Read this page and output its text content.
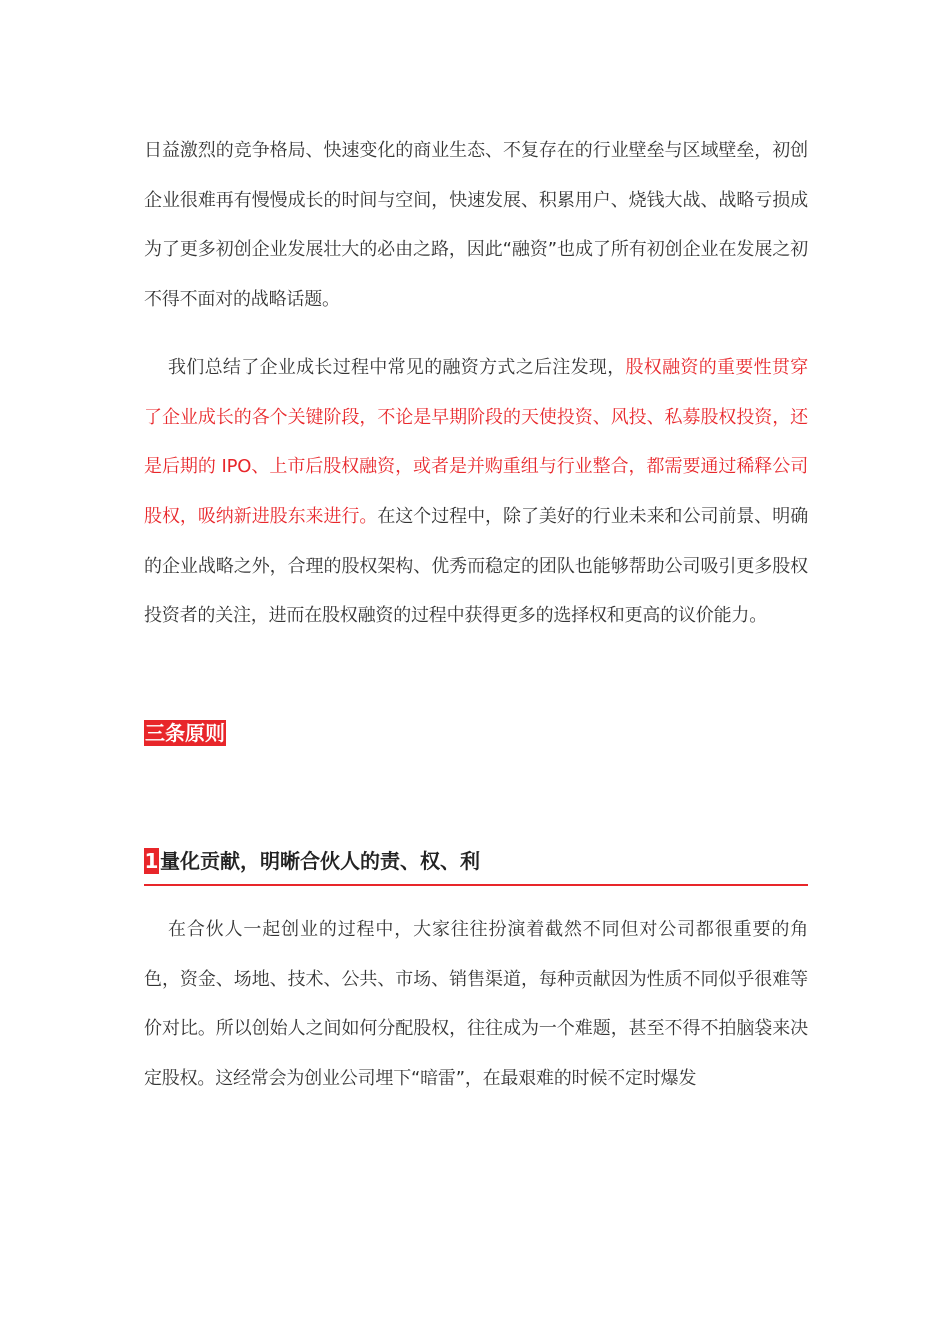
日益激烈的竞争格局、快速变化的商业生态、不复存在的行业壁垒与区域壁垒，初创企业很难再有慢慢成长的时间与空间，快速发展、积累用户、烧钱大战、战略亏损成为了更多初创企业发展壮大的必由之路，因此“融资”也成了所有初创企业在发展之初不得不面对的战略话题。

我们总结了企业成长过程中常见的融资方式之后注发现，股权融资的重要性贯穿了企业成长的各个关键阶段，不论是早期阶段的天使投资、风投、私募股权投资，还是后期的 IPO、上市后股权融资，或者是并购重组与行业整合，都需要通过稀释公司股权，吸纳新进股东来进行。在这个过程中，除了美好的行业未来和公司前景、明确的企业战略之外，合理的股权架构、优秀而稳定的团队也能够帮助公司吸引更多股权投资者的关注，进而在股权融资的过程中获得更多的选择权和更高的议价能力。

三条原则
1 量化贡献，明晰合伙人的责、权、利

在合伙人一起创业的过程中，大家往往扮演着截然不同但对公司都很重要的角色，资金、场地、技术、公共、市场、销售渠道，每种贡献因为性质不同似乎很难等价对比。所以创始人之间如何分配股权，往往成为一个难题，甚至不得不拍脑袋来决定股权。这经常会为创业公司埋下“暗雷”，在最艰难的时候不定时爆发
